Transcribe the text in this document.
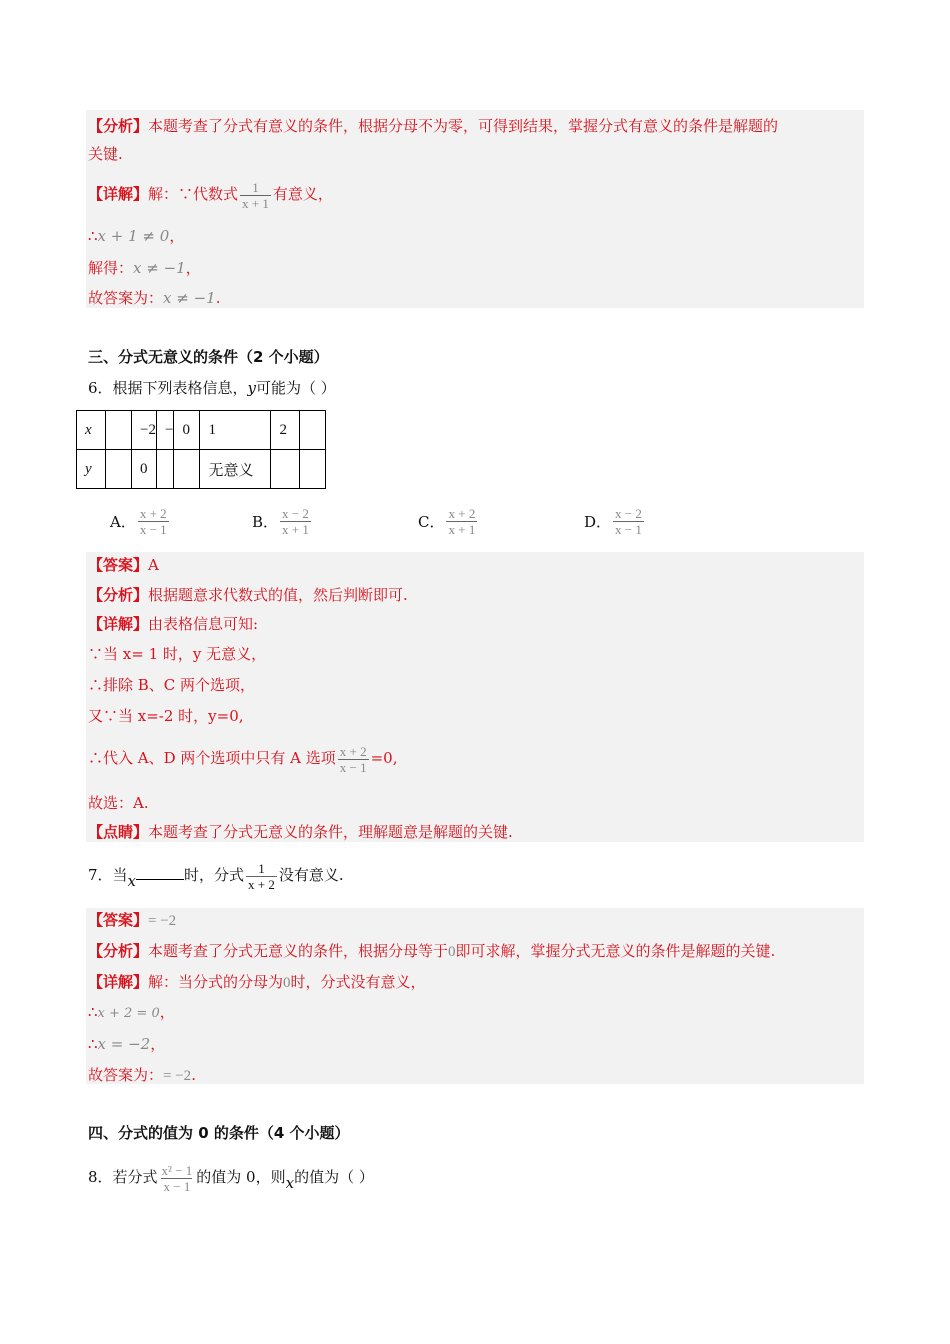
【分析】本题考查了分式有意义的条件，根据分母不为零，可得到结果，掌握分式有意义的条件是解题的
关键.
【详解】解：∵代数式 $\frac{1}{x + 1}$ 有意义，
∴x + 1 ≠ 0，
解得：x ≠ −1，
故答案为：x ≠ −1.
三、分式无意义的条件（2 个小题）
6．根据下列表格信息，y可能为（ ）
x		−2	−	0	1	2	
y		0			无意义		
A． $\frac{x + 2}{x - 1}$	B． $\frac{x - 2}{x + 1}$	C． $\frac{x + 2}{x + 1}$	D． $\frac{x - 2}{x - 1}$
【答案】A
【分析】根据题意求代数式的值，然后判断即可.
【详解】由表格信息可知:
∵当 x= 1 时，y 无意义，
∴排除 B、C 两个选项，
又∵当 x=-2 时，y=0,
∴代入 A、D 两个选项中只有 A 选项 $\frac{x + 2}{x - 1} =0$,
故选：A.
【点睛】本题考查了分式无意义的条件，理解题意是解题的关键.
7．当x	时，分式 $\frac{1}{x + 2}$ 没有意义.
【答案】= −2
【分析】本题考查了分式无意义的条件，根据分母等于0即可求解，掌握分式无意义的条件是解题的关键.
【详解】解：当分式的分母为0时，分式没有意义，
∴x + 2 = 0，
∴x = −2，
故答案为：= −2.
四、分式的值为 0 的条件（4 个小题）
8．若分式 $\frac{\text{x² − 1}}{x - 1}$ 的值为 0，则x的值为（ ）
